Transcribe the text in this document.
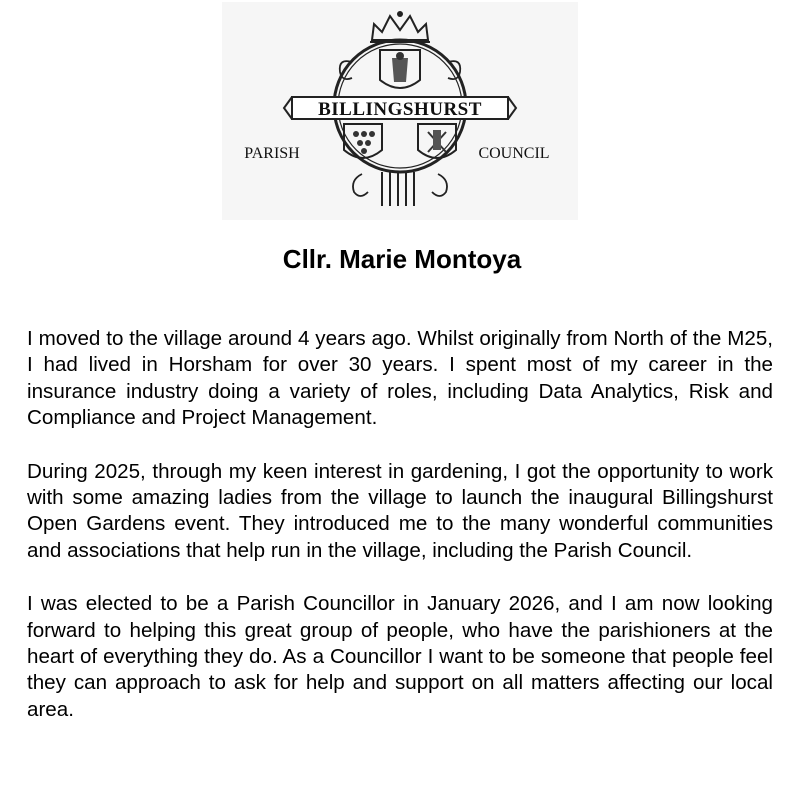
BILLINGSHURST
PARISH	COUNCIL
Cllr. Marie Montoya

I moved to the village around 4 years ago. Whilst originally from North of the M25, I had lived in Horsham for over 30 years. I spent most of my career in the insurance industry doing a variety of roles, including Data Analytics, Risk and Compliance and Project Management.

During 2025, through my keen interest in gardening, I got the opportunity to work with some amazing ladies from the village to launch the inaugural Billingshurst Open Gardens event. They introduced me to the many wonderful communities and associations that help run in the village, including the Parish Council.

I was elected to be a Parish Councillor in January 2026, and I am now looking forward to helping this great group of people, who have the parishioners at the heart of everything they do. As a Councillor I want to be someone that people feel they can approach to ask for help and support on all matters affecting our local area.
